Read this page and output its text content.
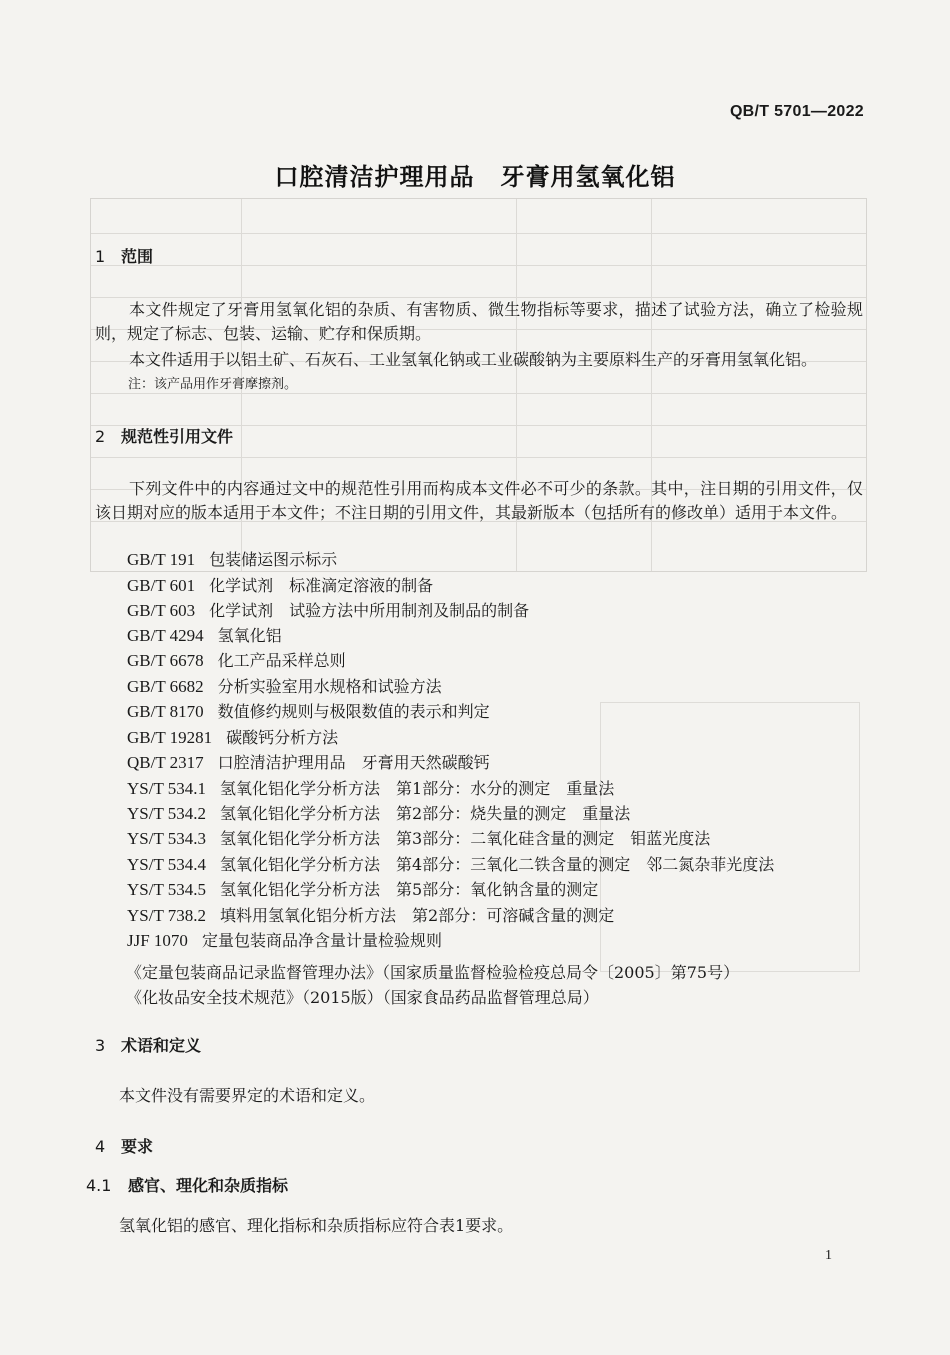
QB/T 5701—2022
口腔清洁护理用品 牙膏用氢氧化铝
1 范围
本文件规定了牙膏用氢氧化铝的杂质、有害物质、微生物指标等要求，描述了试验方法，确立了检验规则，规定了标志、包装、运输、贮存和保质期。
本文件适用于以铝土矿、石灰石、工业氢氧化钠或工业碳酸钠为主要原料生产的牙膏用氢氧化铝。
注：该产品用作牙膏摩擦剂。
2 规范性引用文件
下列文件中的内容通过文中的规范性引用而构成本文件必不可少的条款。其中，注日期的引用文件，仅该日期对应的版本适用于本文件；不注日期的引用文件，其最新版本（包括所有的修改单）适用于本文件。
GB/T 191 包装储运图示标示
GB/T 601 化学试剂　标准滴定溶液的制备
GB/T 603 化学试剂　试验方法中所用制剂及制品的制备
GB/T 4294 氢氧化铝
GB/T 6678 化工产品采样总则
GB/T 6682 分析实验室用水规格和试验方法
GB/T 8170 数值修约规则与极限数值的表示和判定
GB/T 19281 碳酸钙分析方法
QB/T 2317 口腔清洁护理用品　牙膏用天然碳酸钙
YS/T 534.1 氢氧化铝化学分析方法　第1部分：水分的测定　重量法
YS/T 534.2 氢氧化铝化学分析方法　第2部分：烧失量的测定　重量法
YS/T 534.3 氢氧化铝化学分析方法　第3部分：二氧化硅含量的测定　钼蓝光度法
YS/T 534.4 氢氧化铝化学分析方法　第4部分：三氧化二铁含量的测定　邻二氮杂菲光度法
YS/T 534.5 氢氧化铝化学分析方法　第5部分：氧化钠含量的测定
YS/T 738.2 填料用氢氧化铝分析方法　第2部分：可溶碱含量的测定
JJF 1070 定量包装商品净含量计量检验规则
《定量包装商品记录监督管理办法》（国家质量监督检验检疫总局令〔2005〕第75号）
《化妆品安全技术规范》（2015版）（国家食品药品监督管理总局）
3 术语和定义
本文件没有需要界定的术语和定义。
4 要求
4.1 感官、理化和杂质指标
氢氧化铝的感官、理化指标和杂质指标应符合表1要求。
1
